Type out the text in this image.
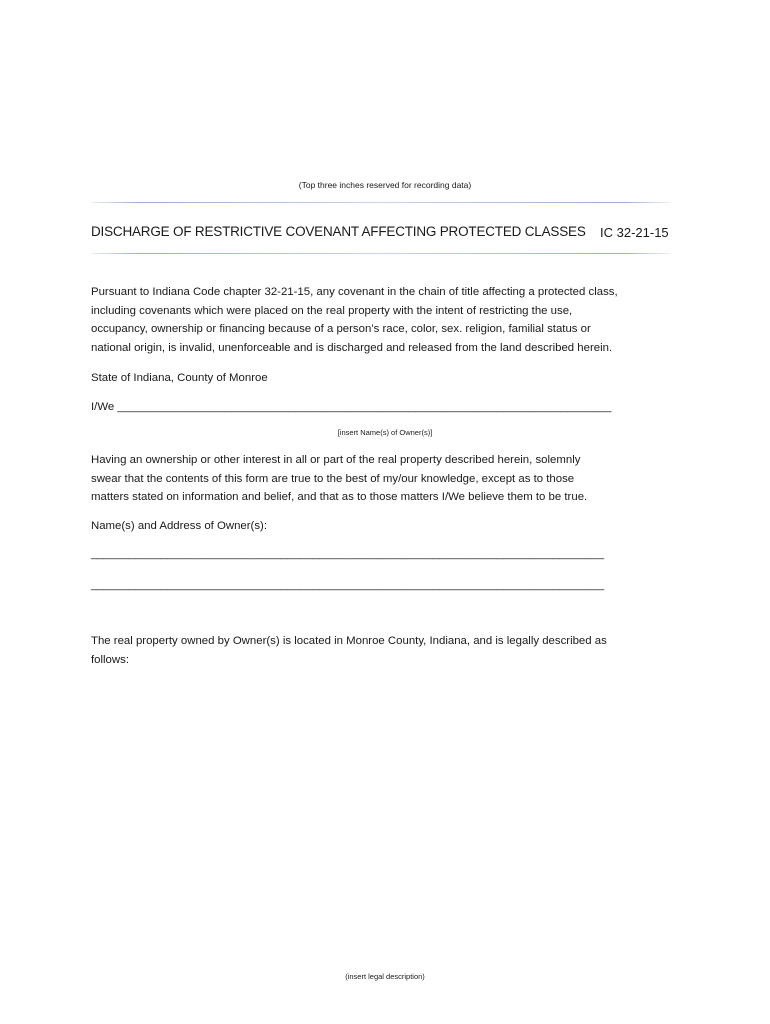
(Top three inches reserved for recording data)
DISCHARGE OF RESTRICTIVE COVENANT AFFECTING PROTECTED CLASSES IC 32-21-15
Pursuant to Indiana Code chapter 32-21-15, any covenant in the chain of title affecting a protected class,
including covenants which were placed on the real property with the intent of restricting the use,
occupancy, ownership or financing because of a person’s race, color, sex. religion, familial status or
national origin, is invalid, unenforceable and is discharged and released from the land described herein.
State of Indiana, County of Monroe
I/We ______________________________________________________________________________
[insert Name(s) of Owner(s)]
Having an ownership or other interest in all or part of the real property described herein, solemnly
swear that the contents of this form are true to the best of my/our knowledge, except as to those
matters stated on information and belief, and that as to those matters I/We believe them to be true.
Name(s) and Address of Owner(s):
_________________________________________________________________________________
_________________________________________________________________________________
The real property owned by Owner(s) is located in Monroe County, Indiana, and is legally described as
follows:
(insert legal description)
